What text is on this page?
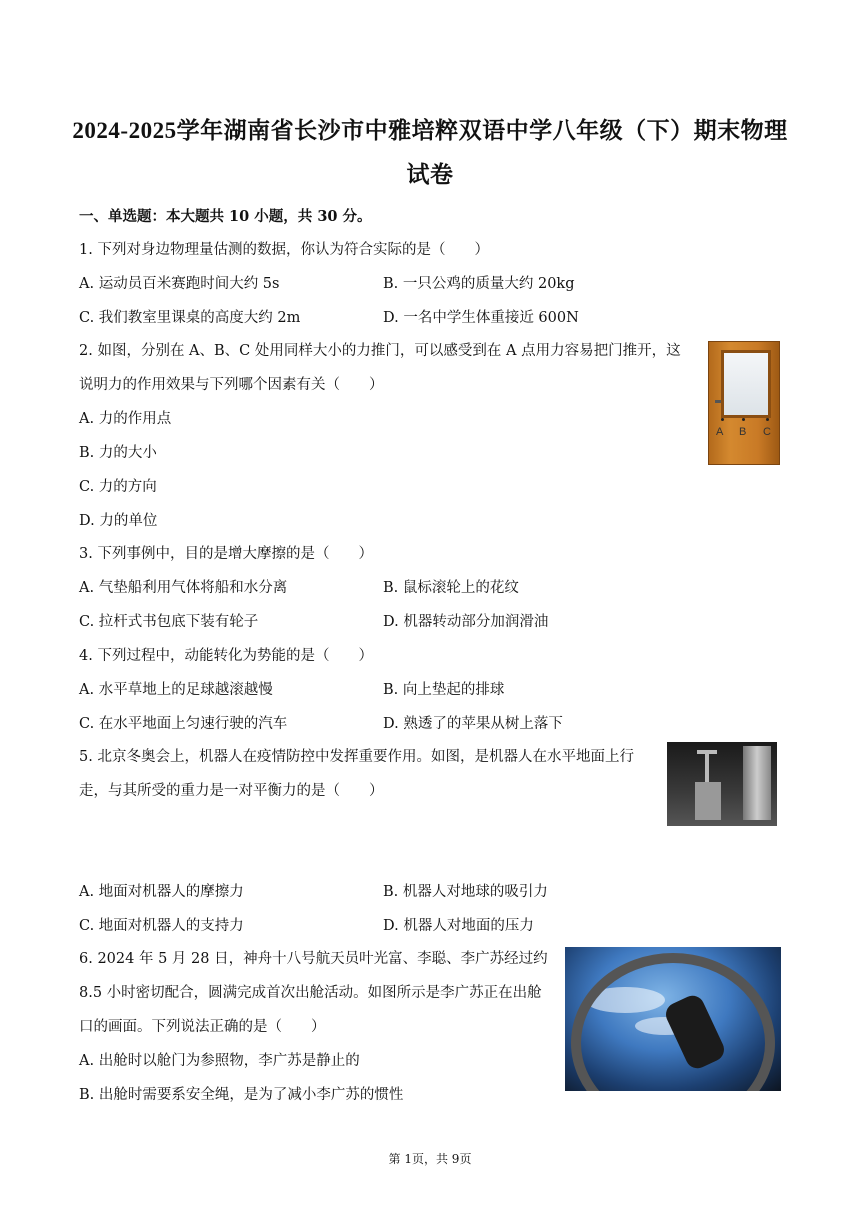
2024-2025学年湖南省长沙市中雅培粹双语中学八年级（下）期末物理
试卷
一、单选题：本大题共 10 小题，共 30 分。
1. 下列对身边物理量估测的数据，你认为符合实际的是（　　）
A. 运动员百米赛跑时间大约 5s	B. 一只公鸡的质量大约 20kg
C. 我们教室里课桌的高度大约 2m	D. 一名中学生体重接近 600N
2. 如图，分别在 A、B、C 处用同样大小的力推门，可以感受到在 A 点用力容易把门推开，这
说明力的作用效果与下列哪个因素有关（　　）
A. 力的作用点
B. 力的大小
C. 力的方向
D. 力的单位
A B C
3. 下列事例中，目的是增大摩擦的是（　　）
A. 气垫船利用气体将船和水分离	B. 鼠标滚轮上的花纹
C. 拉杆式书包底下装有轮子	D. 机器转动部分加润滑油
4. 下列过程中，动能转化为势能的是（　　）
A. 水平草地上的足球越滚越慢	B. 向上垫起的排球
C. 在水平地面上匀速行驶的汽车	D. 熟透了的苹果从树上落下
5. 北京冬奥会上，机器人在疫情防控中发挥重要作用。如图，是机器人在水平地面上行
走，与其所受的重力是一对平衡力的是（　　）
A. 地面对机器人的摩擦力	B. 机器人对地球的吸引力
C. 地面对机器人的支持力	D. 机器人对地面的压力
6. 2024 年 5 月 28 日，神舟十八号航天员叶光富、李聪、李广苏经过约
8.5 小时密切配合，圆满完成首次出舱活动。如图所示是李广苏正在出舱
口的画面。下列说法正确的是（　　）
A. 出舱时以舱门为参照物，李广苏是静止的
B. 出舱时需要系安全绳，是为了减小李广苏的惯性
第 1页，共 9页
